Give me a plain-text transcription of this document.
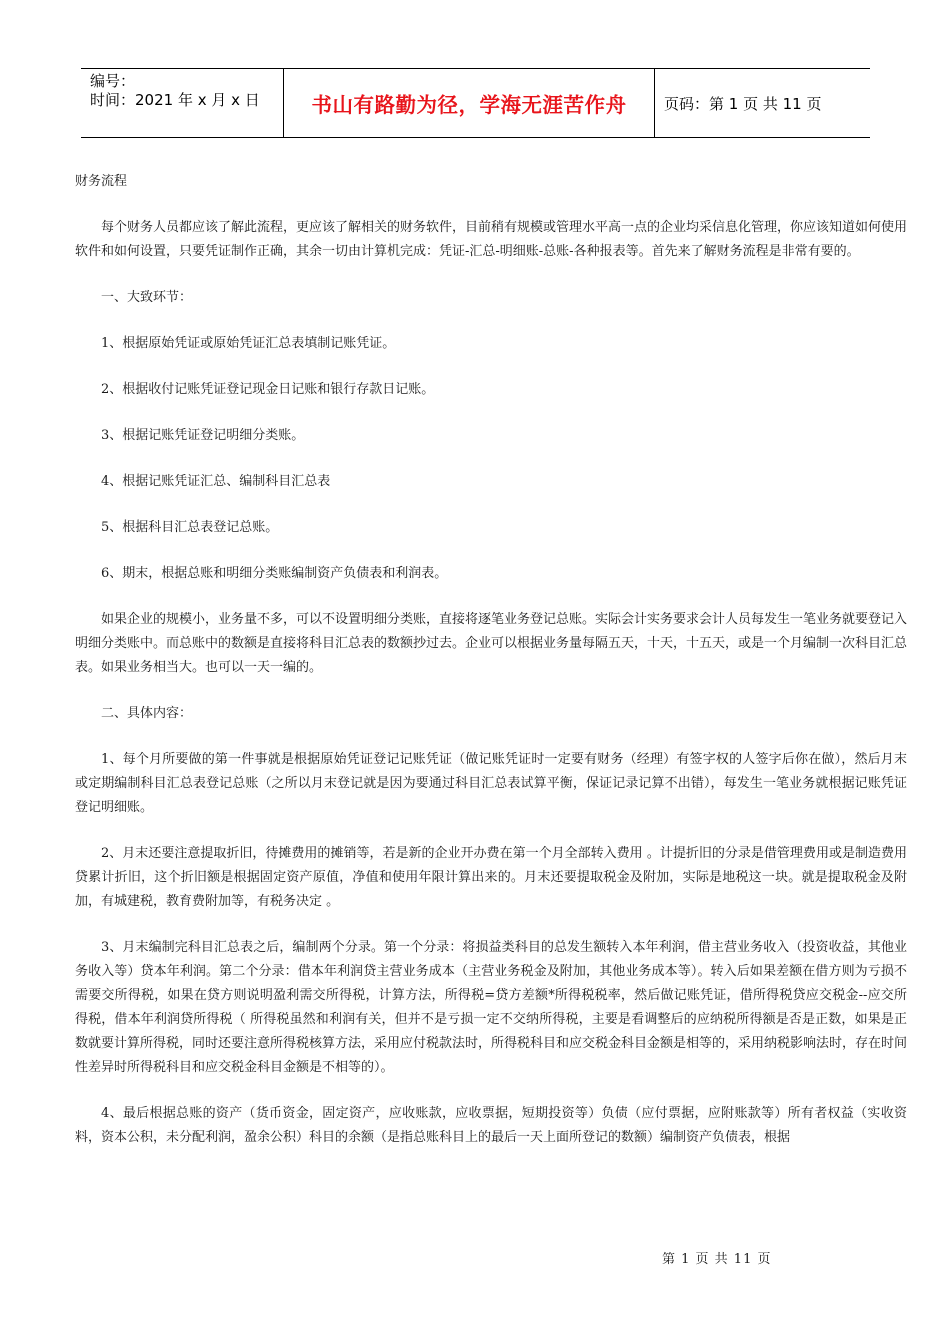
编号：
时间：2021 年 x 月 x 日	书山有路勤为径，学海无涯苦作舟	页码：第 1 页 共 11 页

财务流程

每个财务人员都应该了解此流程，更应该了解相关的财务软件，目前稍有规模或管理水平高一点的企业均采信息化管理，你应该知道如何使用软件和如何设置，只要凭证制作正确，其余一切由计算机完成：凭证-汇总-明细账-总账-各种报表等。首先来了解财务流程是非常有要的。

一、大致环节：

1、根据原始凭证或原始凭证汇总表填制记账凭证。

2、根据收付记账凭证登记现金日记账和银行存款日记账。

3、根据记账凭证登记明细分类账。

4、根据记账凭证汇总、编制科目汇总表

5、根据科目汇总表登记总账。

6、期末，根据总账和明细分类账编制资产负债表和利润表。

如果企业的规模小，业务量不多，可以不设置明细分类账，直接将逐笔业务登记总账。实际会计实务要求会计人员每发生一笔业务就要登记入明细分类账中。而总账中的数额是直接将科目汇总表的数额抄过去。企业可以根据业务量每隔五天，十天，十五天，或是一个月编制一次科目汇总表。如果业务相当大。也可以一天一编的。

二、具体内容：

1、每个月所要做的第一件事就是根据原始凭证登记记账凭证（做记账凭证时一定要有财务（经理）有签字权的人签字后你在做），然后月末或定期编制科目汇总表登记总账（之所以月末登记就是因为要通过科目汇总表试算平衡，保证记录记算不出错），每发生一笔业务就根据记账凭证登记明细账。

2、月末还要注意提取折旧，待摊费用的摊销等，若是新的企业开办费在第一个月全部转入费用 。计提折旧的分录是借管理费用或是制造费用贷累计折旧，这个折旧额是根据固定资产原值，净值和使用年限计算出来的。月末还要提取税金及附加，实际是地税这一块。就是提取税金及附加，有城建税，教育费附加等，有税务决定 。

3、月末编制完科目汇总表之后，编制两个分录。第一个分录：将损益类科目的总发生额转入本年利润，借主营业务收入（投资收益，其他业务收入等）贷本年利润。第二个分录：借本年利润贷主营业务成本（主营业务税金及附加，其他业务成本等）。转入后如果差额在借方则为亏损不需要交所得税，如果在贷方则说明盈利需交所得税，计算方法，所得税=贷方差额*所得税税率，然后做记账凭证，借所得税贷应交税金--应交所得税，借本年利润贷所得税（ 所得税虽然和利润有关，但并不是亏损一定不交纳所得税，主要是看调整后的应纳税所得额是否是正数，如果是正数就要计算所得税，同时还要注意所得税核算方法，采用应付税款法时，所得税科目和应交税金科目金额是相等的，采用纳税影响法时，存在时间性差异时所得税科目和应交税金科目金额是不相等的）。

4、最后根据总账的资产（货币资金，固定资产，应收账款，应收票据，短期投资等）负债（应付票据，应附账款等）所有者权益（实收资料，资本公积，未分配利润，盈余公积）科目的余额（是指总账科目上的最后一天上面所登记的数额）编制资产负债表，根据

第 1 页 共 11 页
